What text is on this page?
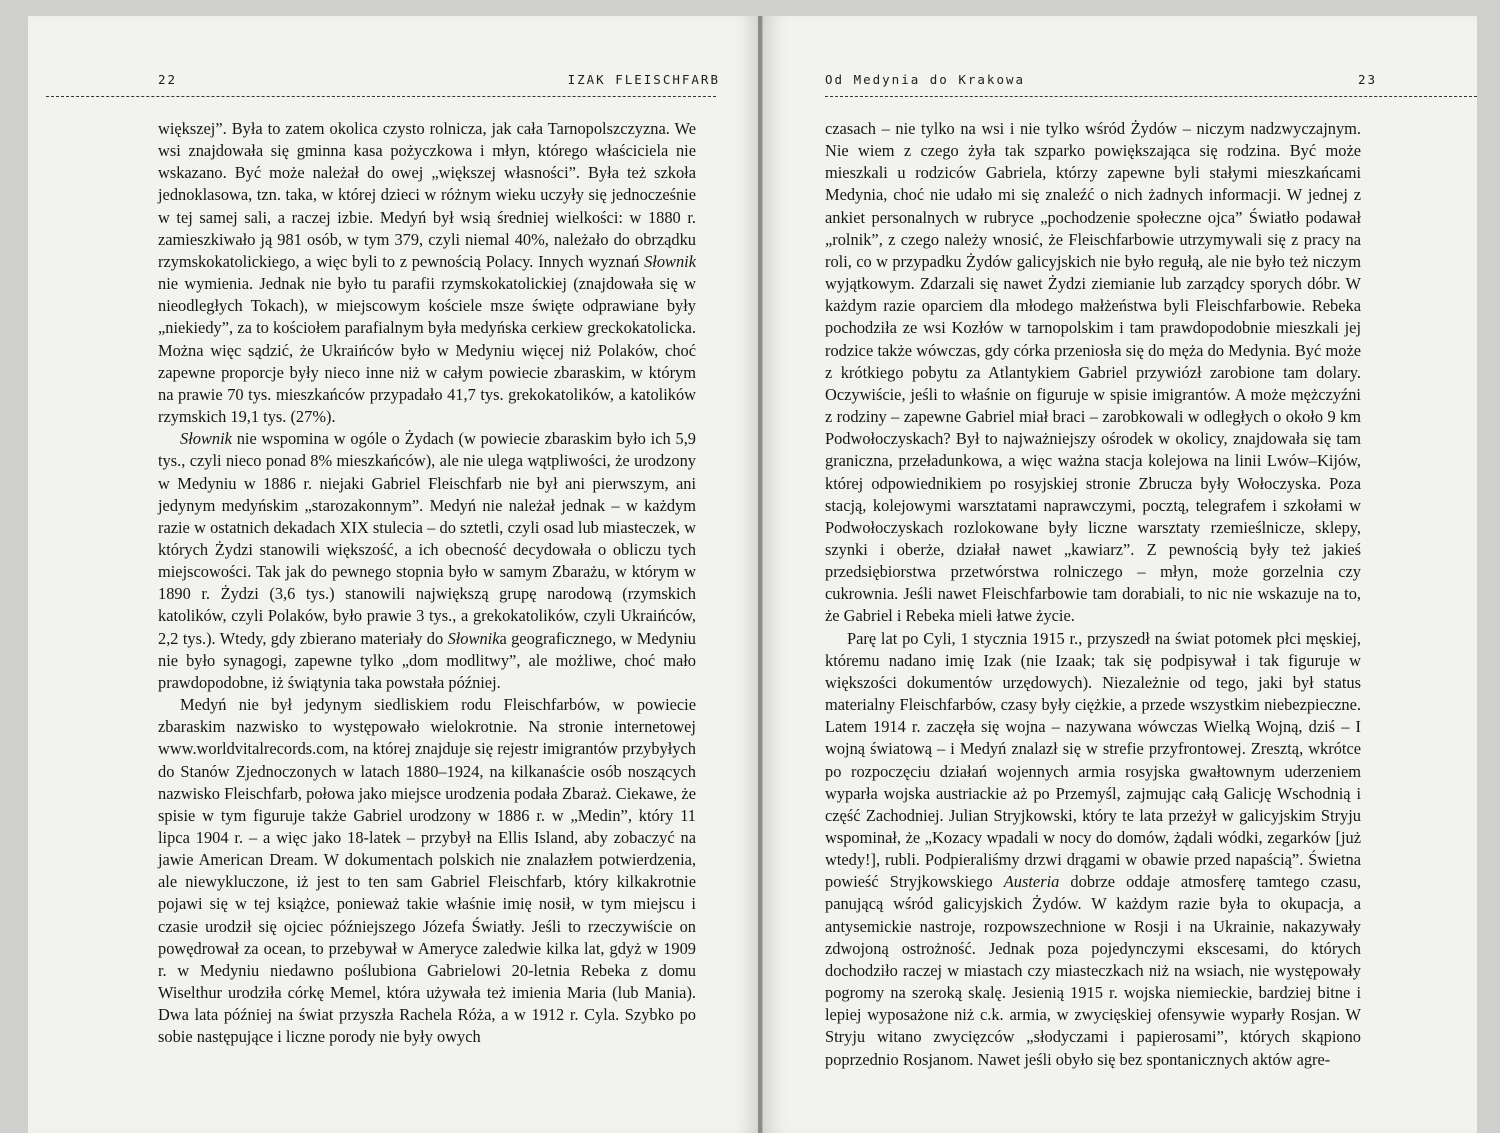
22	IZAK FLEISCHFARB

większej”. Była to zatem okolica czysto rolnicza, jak cała Tarnopolszczyzna. We wsi znajdowała się gminna kasa pożyczkowa i młyn, którego właściciela nie wskazano. Być może należał do owej „większej własności”. Była też szkoła jednoklasowa, tzn. taka, w której dzieci w różnym wieku uczyły się jednocześnie w tej samej sali, a raczej izbie. Medyń był wsią średniej wielkości: w 1880 r. zamieszkiwało ją 981 osób, w tym 379, czyli niemal 40%, należało do obrządku rzymskokatolickiego, a więc byli to z pewnością Polacy. Innych wyznań Słownik nie wymienia. Jednak nie było tu parafii rzymskokatolickiej (znajdowała się w nieodległych Tokach), w miejscowym kościele msze święte odprawiane były „niekiedy”, za to kościołem parafialnym była medyńska cerkiew greckokatolicka. Można więc sądzić, że Ukraińców było w Medyniu więcej niż Polaków, choć zapewne proporcje były nieco inne niż w całym powiecie zbaraskim, w którym na prawie 70 tys. mieszkańców przypadało 41,7 tys. grekokatolików, a katolików rzymskich 19,1 tys. (27%).

Słownik nie wspomina w ogóle o Żydach (w powiecie zbaraskim było ich 5,9 tys., czyli nieco ponad 8% mieszkańców), ale nie ulega wątpliwości, że urodzony w Medyniu w 1886 r. niejaki Gabriel Fleischfarb nie był ani pierwszym, ani jedynym medyńskim „starozakonnym”. Medyń nie należał jednak – w każdym razie w ostatnich dekadach XIX stulecia – do sztetli, czyli osad lub miasteczek, w których Żydzi stanowili większość, a ich obecność decydowała o obliczu tych miejscowości. Tak jak do pewnego stopnia było w samym Zbarażu, w którym w 1890 r. Żydzi (3,6 tys.) stanowili największą grupę narodową (rzymskich katolików, czyli Polaków, było prawie 3 tys., a grekokatolików, czyli Ukraińców, 2,2 tys.). Wtedy, gdy zbierano materiały do Słownika geograficznego, w Medyniu nie było synagogi, zapewne tylko „dom modlitwy”, ale możliwe, choć mało prawdopodobne, iż świątynia taka powstała później.

Medyń nie był jedynym siedliskiem rodu Fleischfarbów, w powiecie zbaraskim nazwisko to występowało wielokrotnie. Na stronie internetowej www.worldvitalrecords.com, na której znajduje się rejestr imigrantów przybyłych do Stanów Zjednoczonych w latach 1880–1924, na kilkanaście osób noszących nazwisko Fleischfarb, połowa jako miejsce urodzenia podała Zbaraż. Ciekawe, że spisie w tym figuruje także Gabriel urodzony w 1886 r. w „Medin”, który 11 lipca 1904 r. – a więc jako 18-latek – przybył na Ellis Island, aby zobaczyć na jawie American Dream. W dokumentach polskich nie znalazłem potwierdzenia, ale niewykluczone, iż jest to ten sam Gabriel Fleischfarb, który kilkakrotnie pojawi się w tej książce, ponieważ takie właśnie imię nosił, w tym miejscu i czasie urodził się ojciec późniejszego Józefa Światły. Jeśli to rzeczywiście on powędrował za ocean, to przebywał w Ameryce zaledwie kilka lat, gdyż w 1909 r. w Medyniu niedawno poślubiona Gabrielowi 20-letnia Rebeka z domu Wiselthur urodziła córkę Memel, która używała też imienia Maria (lub Mania). Dwa lata później na świat przyszła Rachela Róża, a w 1912 r. Cyla. Szybko po sobie następujące i liczne porody nie były owych

Od Medynia do Krakowa	23

czasach – nie tylko na wsi i nie tylko wśród Żydów – niczym nadzwyczajnym. Nie wiem z czego żyła tak szparko powiększająca się rodzina. Być może mieszkali u rodziców Gabriela, którzy zapewne byli stałymi mieszkańcami Medynia, choć nie udało mi się znaleźć o nich żadnych informacji. W jednej z ankiet personalnych w rubryce „pochodzenie społeczne ojca” Światło podawał „rolnik”, z czego należy wnosić, że Fleischfarbowie utrzymywali się z pracy na roli, co w przypadku Żydów galicyjskich nie było regułą, ale nie było też niczym wyjątkowym. Zdarzali się nawet Żydzi ziemianie lub zarządcy sporych dóbr. W każdym razie oparciem dla młodego małżeństwa byli Fleischfarbowie. Rebeka pochodziła ze wsi Kozłów w tarnopolskim i tam prawdopodobnie mieszkali jej rodzice także wówczas, gdy córka przeniosła się do męża do Medynia. Być może z krótkiego pobytu za Atlantykiem Gabriel przywiózł zarobione tam dolary. Oczywiście, jeśli to właśnie on figuruje w spisie imigrantów. A może mężczyźni z rodziny – zapewne Gabriel miał braci – zarobkowali w odległych o około 9 km Podwołoczyskach? Był to najważniejszy ośrodek w okolicy, znajdowała się tam graniczna, przeładunkowa, a więc ważna stacja kolejowa na linii Lwów–Kijów, której odpowiednikiem po rosyjskiej stronie Zbrucza były Wołoczyska. Poza stacją, kolejowymi warsztatami naprawczymi, pocztą, telegrafem i szkołami w Podwołoczyskach rozlokowane były liczne warsztaty rzemieślnicze, sklepy, szynki i oberże, działał nawet „kawiarz”. Z pewnością były też jakieś przedsiębiorstwa przetwórstwa rolniczego – młyn, może gorzelnia czy cukrownia. Jeśli nawet Fleischfarbowie tam dorabiali, to nic nie wskazuje na to, że Gabriel i Rebeka mieli łatwe życie.

Parę lat po Cyli, 1 stycznia 1915 r., przyszedł na świat potomek płci męskiej, któremu nadano imię Izak (nie Izaak; tak się podpisywał i tak figuruje w większości dokumentów urzędowych). Niezależnie od tego, jaki był status materialny Fleischfarbów, czasy były ciężkie, a przede wszystkim niebezpieczne. Latem 1914 r. zaczęła się wojna – nazywana wówczas Wielką Wojną, dziś – I wojną światową – i Medyń znalazł się w strefie przyfrontowej. Zresztą, wkrótce po rozpoczęciu działań wojennych armia rosyjska gwałtownym uderzeniem wyparła wojska austriackie aż po Przemyśl, zajmując całą Galicję Wschodnią i część Zachodniej. Julian Stryjkowski, który te lata przeżył w galicyjskim Stryju wspominał, że „Kozacy wpadali w nocy do domów, żądali wódki, zegarków [już wtedy!], rubli. Podpieraliśmy drzwi drągami w obawie przed napaścią”. Świetna powieść Stryjkowskiego Austeria dobrze oddaje atmosferę tamtego czasu, panującą wśród galicyjskich Żydów. W każdym razie była to okupacja, a antysemickie nastroje, rozpowszechnione w Rosji i na Ukrainie, nakazywały zdwojoną ostrożność. Jednak poza pojedynczymi ekscesami, do których dochodziło raczej w miastach czy miasteczkach niż na wsiach, nie występowały pogromy na szeroką skalę. Jesienią 1915 r. wojska niemieckie, bardziej bitne i lepiej wyposażone niż c.k. armia, w zwycięskiej ofensywie wyparły Rosjan. W Stryju witano zwycięzców „słodyczami i papierosami”, których skąpiono poprzednio Rosjanom. Nawet jeśli obyło się bez spontanicznych aktów agre-
